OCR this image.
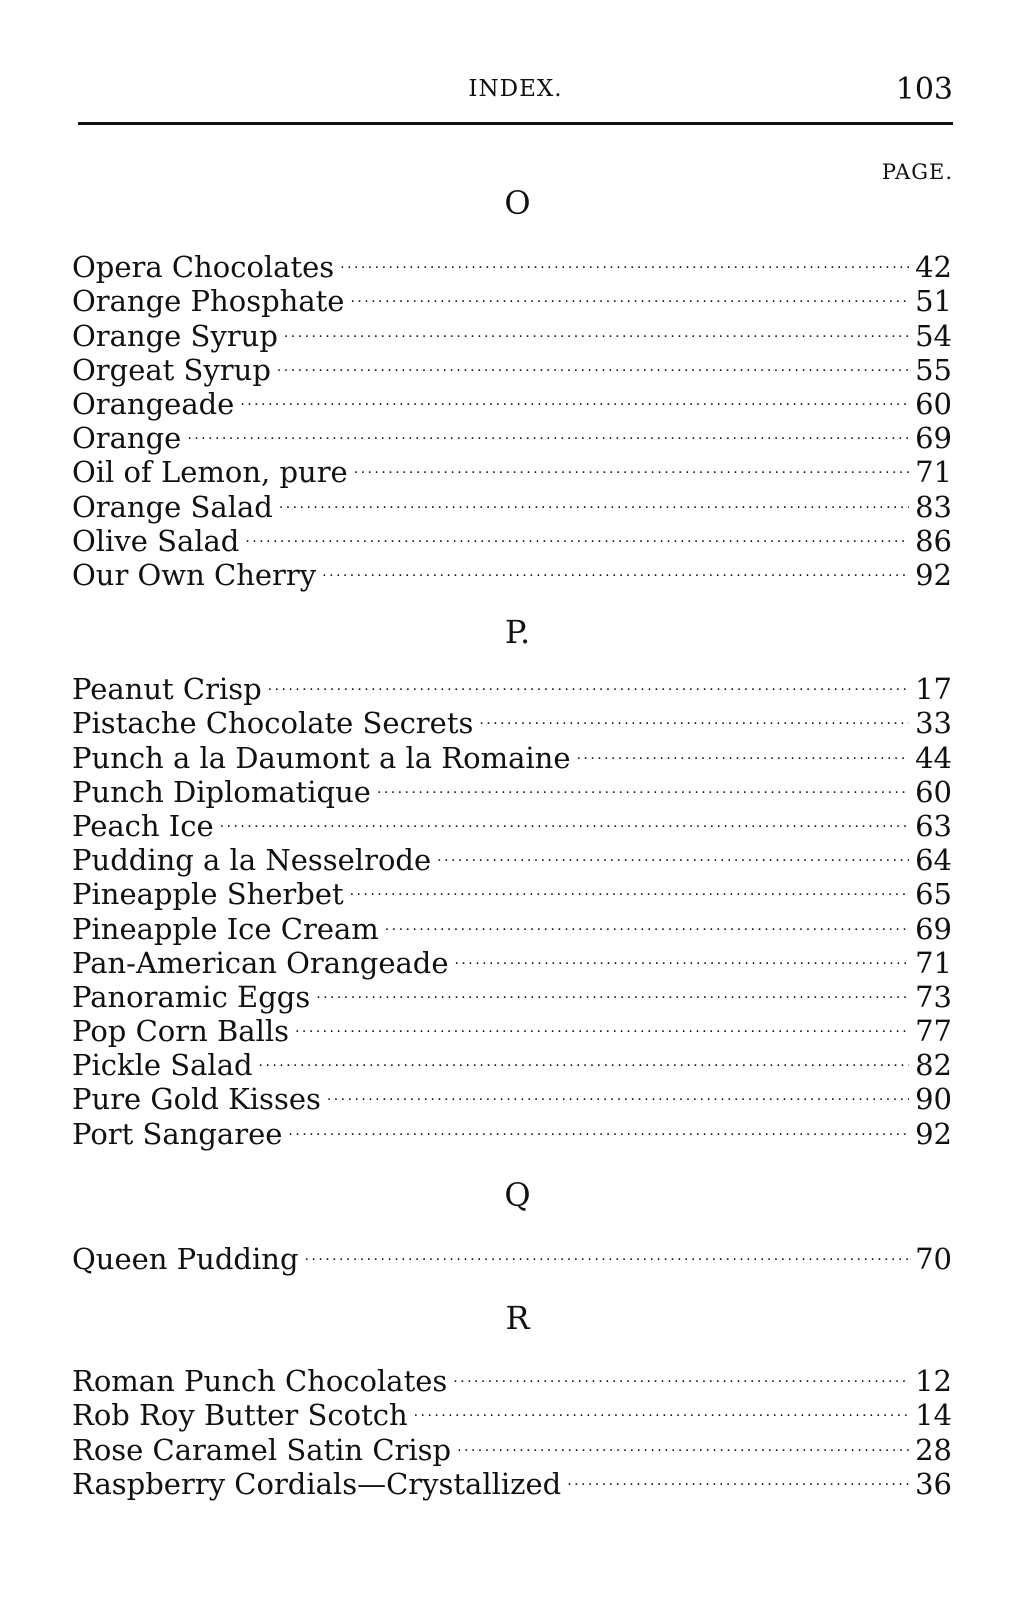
INDEX.	103
PAGE.
O
Opera Chocolates . . .	42
Orange Phosphate . . .	51
Orange Syrup . . .	54
Orgeat Syrup . . .	55
Orangeade . . .	60
Orange . . .	69
Oil of Lemon, pure . . .	71
Orange Salad . . .	83
Olive Salad . . .	86
Our Own Cherry . . .	92
P.
Peanut Crisp . . .	17
Pistache Chocolate Secrets . . .	33
Punch a la Daumont a la Romaine . . .	44
Punch Diplomatique . . .	60
Peach Ice . . .	63
Pudding a la Nesselrode . . .	64
Pineapple Sherbet . . .	65
Pineapple Ice Cream . . .	69
Pan-American Orangeade . . .	71
Panoramic Eggs . . .	73
Pop Corn Balls . . .	77
Pickle Salad . . .	82
Pure Gold Kisses . . .	90
Port Sangaree . . .	92
Q
Queen Pudding . . .	70
R
Roman Punch Chocolates . . .	12
Rob Roy Butter Scotch . . .	14
Rose Caramel Satin Crisp . . .	28
Raspberry Cordials—Crystallized . . .	36
